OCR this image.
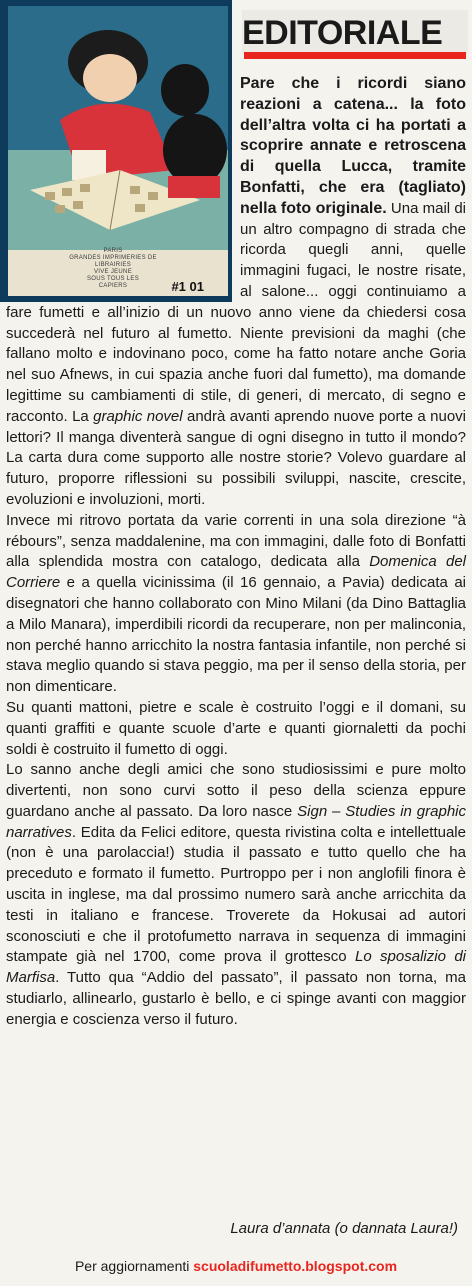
PARIS
GRANDES IMPRIMERIES DE
LIBRAIRIES
VIVE JEUNE
SOUS TOUS LES
CAPIERS	#1 01
EDITORIALE

Pare che i ricordi siano reazioni a catena... la foto dell’altra volta ci ha portati a scoprire annate e retroscena di quella Lucca, tramite Bonfatti, che era (tagliato) nella foto originale. Una mail di un altro compagno di strada che ricorda quegli anni, quelle immagini fugaci, le nostre risate, al salone... oggi continuiamo a fare fumetti e all’inizio di un nuovo anno viene da chiedersi cosa succederà nel futuro al fumetto. Niente previsioni da maghi (che fallano molto e indovinano poco, come ha fatto notare anche Goria nel suo Afnews, in cui spazia anche fuori dal fumetto), ma domande legittime su cambiamenti di stile, di generi, di mercato, di segno e racconto. La graphic novel andrà avanti aprendo nuove porte a nuovi lettori? Il manga diventerà sangue di ogni disegno in tutto il mondo? La carta dura come supporto alle nostre storie? Volevo guardare al futuro, proporre riflessioni su possibili sviluppi, nascite, crescite, evoluzioni e involuzioni, morti.

Invece mi ritrovo portata da varie correnti in una sola direzione “à rébours”, senza maddalenine, ma con immagini, dalle foto di Bonfatti alla splendida mostra con catalogo, dedicata alla Domenica del Corriere e a quella vicinissima (il 16 gennaio, a Pavia) dedicata ai disegnatori che hanno collaborato con Mino Milani (da Dino Battaglia a Milo Manara), imperdibili ricordi da recuperare, non per malinconia, non perché hanno arricchito la nostra fantasia infantile, non perché si stava meglio quando si stava peggio, ma per il senso della storia, per non dimenticare.

Su quanti mattoni, pietre e scale è costruito l’oggi e il domani, su quanti graffiti e quante scuole d’arte e quanti giornaletti da pochi soldi è costruito il fumetto di oggi.

Lo sanno anche degli amici che sono studiosissimi e pure molto divertenti, non sono curvi sotto il peso della scienza eppure guardano anche al passato. Da loro nasce Sign – Studies in graphic narratives. Edita da Felici editore, questa rivistina colta e intellettuale (non è una parolaccia!) studia il passato e tutto quello che ha preceduto e formato il fumetto. Purtroppo per i non anglofili finora è uscita in inglese, ma dal prossimo numero sarà anche arricchita da testi in italiano e francese. Troverete da Hokusai ad autori sconosciuti e che il protofumetto narrava in sequenza di immagini stampate già nel 1700, come prova il grottesco Lo sposalizio di Marfisa. Tutto qua “Addio del passato”, il passato non torna, ma studiarlo, allinearlo, gustarlo è bello, e ci spinge avanti con maggior energia e coscienza verso il futuro.

Laura d’annata (o dannata Laura!)
Per aggiornamenti scuoladifumetto.blogspot.com
